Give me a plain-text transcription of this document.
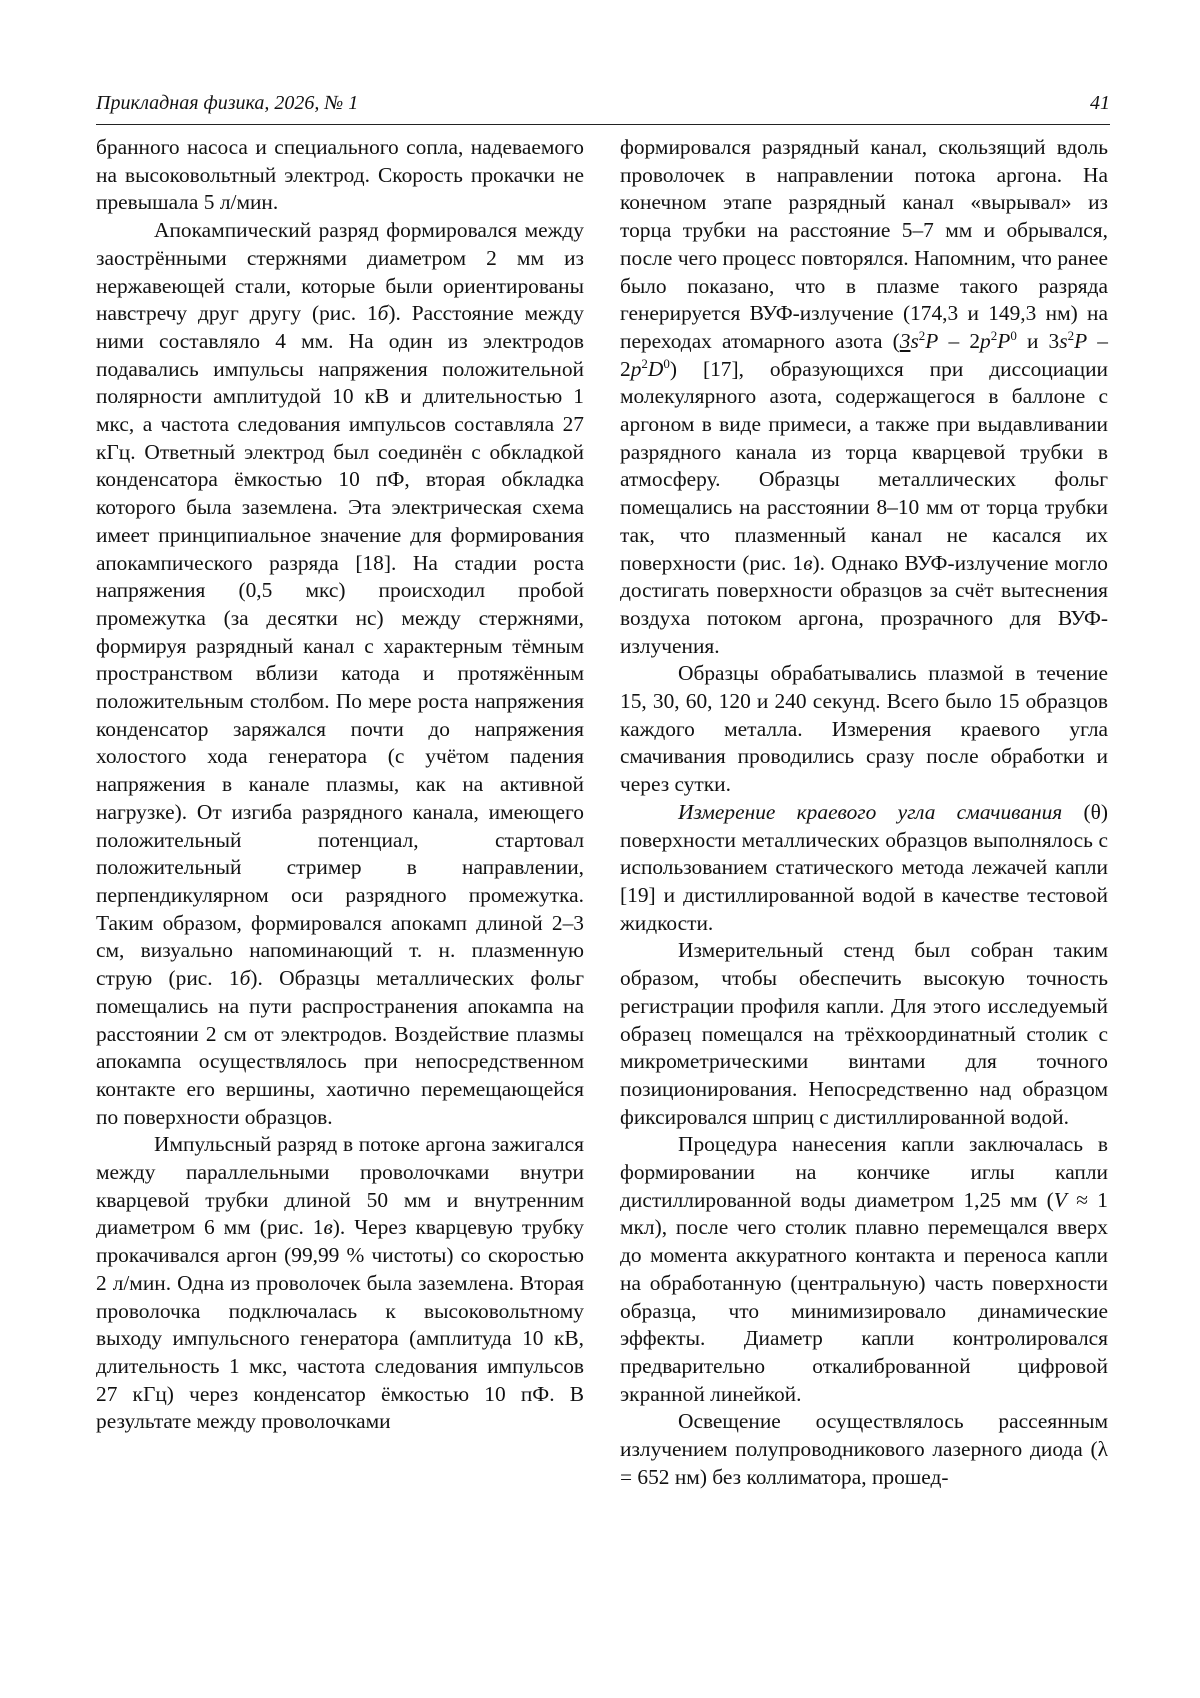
Прикладная физика, 2026, № 1	41

бранного насоса и специального сопла, надеваемого на высоковольтный электрод. Скорость прокачки не превышала 5 л/мин.

Апокампический разряд формировался между заострёнными стержнями диаметром 2 мм из нержавеющей стали, которые были ориентированы навстречу друг другу (рис. 1б). Расстояние между ними составляло 4 мм. На один из электродов подавались импульсы напряжения положительной полярности амплитудой 10 кВ и длительностью 1 мкс, а частота следования импульсов составляла 27 кГц. Ответный электрод был соединён с обкладкой конденсатора ёмкостью 10 пФ, вторая обкладка которого была заземлена. Эта электрическая схема имеет принципиальное значение для формирования апокампического разряда [18]. На стадии роста напряжения (0,5 мкс) происходил пробой промежутка (за десятки нс) между стержнями, формируя разрядный канал с характерным тёмным пространством вблизи катода и протяжённым положительным столбом. По мере роста напряжения конденсатор заряжался почти до напряжения холостого хода генератора (с учётом падения напряжения в канале плазмы, как на активной нагрузке). От изгиба разрядного канала, имеющего положительный потенциал, стартовал положительный стример в направлении, перпендикулярном оси разрядного промежутка. Таким образом, формировался апокамп длиной 2–3 см, визуально напоминающий т. н. плазменную струю (рис. 1б). Образцы металлических фольг помещались на пути распространения апокампа на расстоянии 2 см от электродов. Воздействие плазмы апокампа осуществлялось при непосредственном контакте его вершины, хаотично перемещающейся по поверхности образцов.

Импульсный разряд в потоке аргона зажигался между параллельными проволочками внутри кварцевой трубки длиной 50 мм и внутренним диаметром 6 мм (рис. 1в). Через кварцевую трубку прокачивался аргон (99,99 % чистоты) со скоростью 2 л/мин. Одна из проволочек была заземлена. Вторая проволочка подключалась к высоковольтному выходу импульсного генератора (амплитуда 10 кВ, длительность 1 мкс, частота следования импульсов 27 кГц) через конденсатор ёмкостью 10 пФ. В результате между проволочками

формировался разрядный канал, скользящий вдоль проволочек в направлении потока аргона. На конечном этапе разрядный канал «вырывал» из торца трубки на расстояние 5–7 мм и обрывался, после чего процесс повторялся. Напомним, что ранее было показано, что в плазме такого разряда генерируется ВУФ-излучение (174,3 и 149,3 нм) на переходах атомарного азота ($3s^2P - 2p^2P^0$ и $3s^2P - 2p^2D^0$) [17], образующихся при диссоциации молекулярного азота, содержащегося в баллоне с аргоном в виде примеси, а также при выдавливании разрядного канала из торца кварцевой трубки в атмосферу. Образцы металлических фольг помещались на расстоянии 8–10 мм от торца трубки так, что плазменный канал не касался их поверхности (рис. 1в). Однако ВУФ-излучение могло достигать поверхности образцов за счёт вытеснения воздуха потоком аргона, прозрачного для ВУФ-излучения.

Образцы обрабатывались плазмой в течение 15, 30, 60, 120 и 240 секунд. Всего было 15 образцов каждого металла. Измерения краевого угла смачивания проводились сразу после обработки и через сутки.

Измерение краевого угла смачивания (θ) поверхности металлических образцов выполнялось с использованием статического метода лежачей капли [19] и дистиллированной водой в качестве тестовой жидкости.

Измерительный стенд был собран таким образом, чтобы обеспечить высокую точность регистрации профиля капли. Для этого исследуемый образец помещался на трёхкоординатный столик с микрометрическими винтами для точного позиционирования. Непосредственно над образцом фиксировался шприц с дистиллированной водой.

Процедура нанесения капли заключалась в формировании на кончике иглы капли дистиллированной воды диаметром 1,25 мм (V ≈ 1 мкл), после чего столик плавно перемещался вверх до момента аккуратного контакта и переноса капли на обработанную (центральную) часть поверхности образца, что минимизировало динамические эффекты. Диаметр капли контролировался предварительно откалиброванной цифровой экранной линейкой.

Освещение осуществлялось рассеянным излучением полупроводникового лазерного диода (λ = 652 нм) без коллиматора, прошед-
